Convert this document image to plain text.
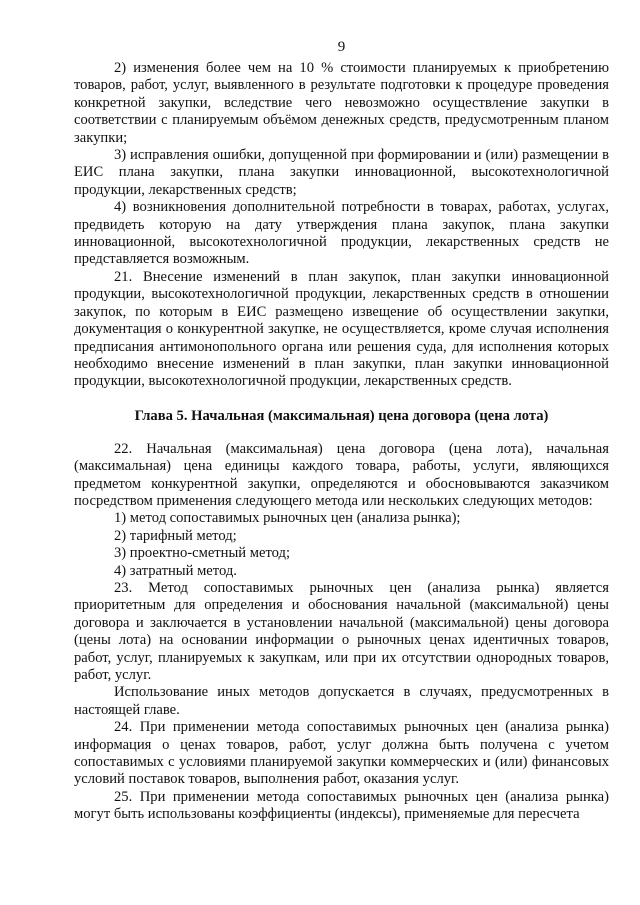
9

2) изменения более чем на 10 % стоимости планируемых к приобретению товаров, работ, услуг, выявленного в результате подготовки к процедуре проведения конкретной закупки, вследствие чего невозможно осуществление закупки в соответствии с планируемым объёмом денежных средств, предусмотренным планом закупки;

3) исправления ошибки, допущенной при формировании и (или) размещении в ЕИС плана закупки, плана закупки инновационной, высокотехнологичной продукции, лекарственных средств;

4) возникновения дополнительной потребности в товарах, работах, услугах, предвидеть которую на дату утверждения плана закупок, плана закупки инновационной, высокотехнологичной продукции, лекарственных средств не представляется возможным.

21. Внесение изменений в план закупок, план закупки инновационной продукции, высокотехнологичной продукции, лекарственных средств в отношении закупок, по которым в ЕИС размещено извещение об осуществлении закупки, документация о конкурентной закупке, не осуществляется, кроме случая исполнения предписания антимонопольного органа или решения суда, для исполнения которых необходимо внесение изменений в план закупки, план закупки инновационной продукции, высокотехнологичной продукции, лекарственных средств.

Глава 5. Начальная (максимальная) цена договора (цена лота)

22. Начальная (максимальная) цена договора (цена лота), начальная (максимальная) цена единицы каждого товара, работы, услуги, являющихся предметом конкурентной закупки, определяются и обосновываются заказчиком посредством применения следующего метода или нескольких следующих методов:

1) метод сопоставимых рыночных цен (анализа рынка);

2) тарифный метод;

3) проектно-сметный метод;

4) затратный метод.

23. Метод сопоставимых рыночных цен (анализа рынка) является приоритетным для определения и обоснования начальной (максимальной) цены договора и заключается в установлении начальной (максимальной) цены договора (цены лота) на основании информации о рыночных ценах идентичных товаров, работ, услуг, планируемых к закупкам, или при их отсутствии однородных товаров, работ, услуг.

Использование иных методов допускается в случаях, предусмотренных в настоящей главе.

24. При применении метода сопоставимых рыночных цен (анализа рынка) информация о ценах товаров, работ, услуг должна быть получена с учетом сопоставимых с условиями планируемой закупки коммерческих и (или) финансовых условий поставок товаров, выполнения работ, оказания услуг.

25. При применении метода сопоставимых рыночных цен (анализа рынка) могут быть использованы коэффициенты (индексы), применяемые для пересчета
